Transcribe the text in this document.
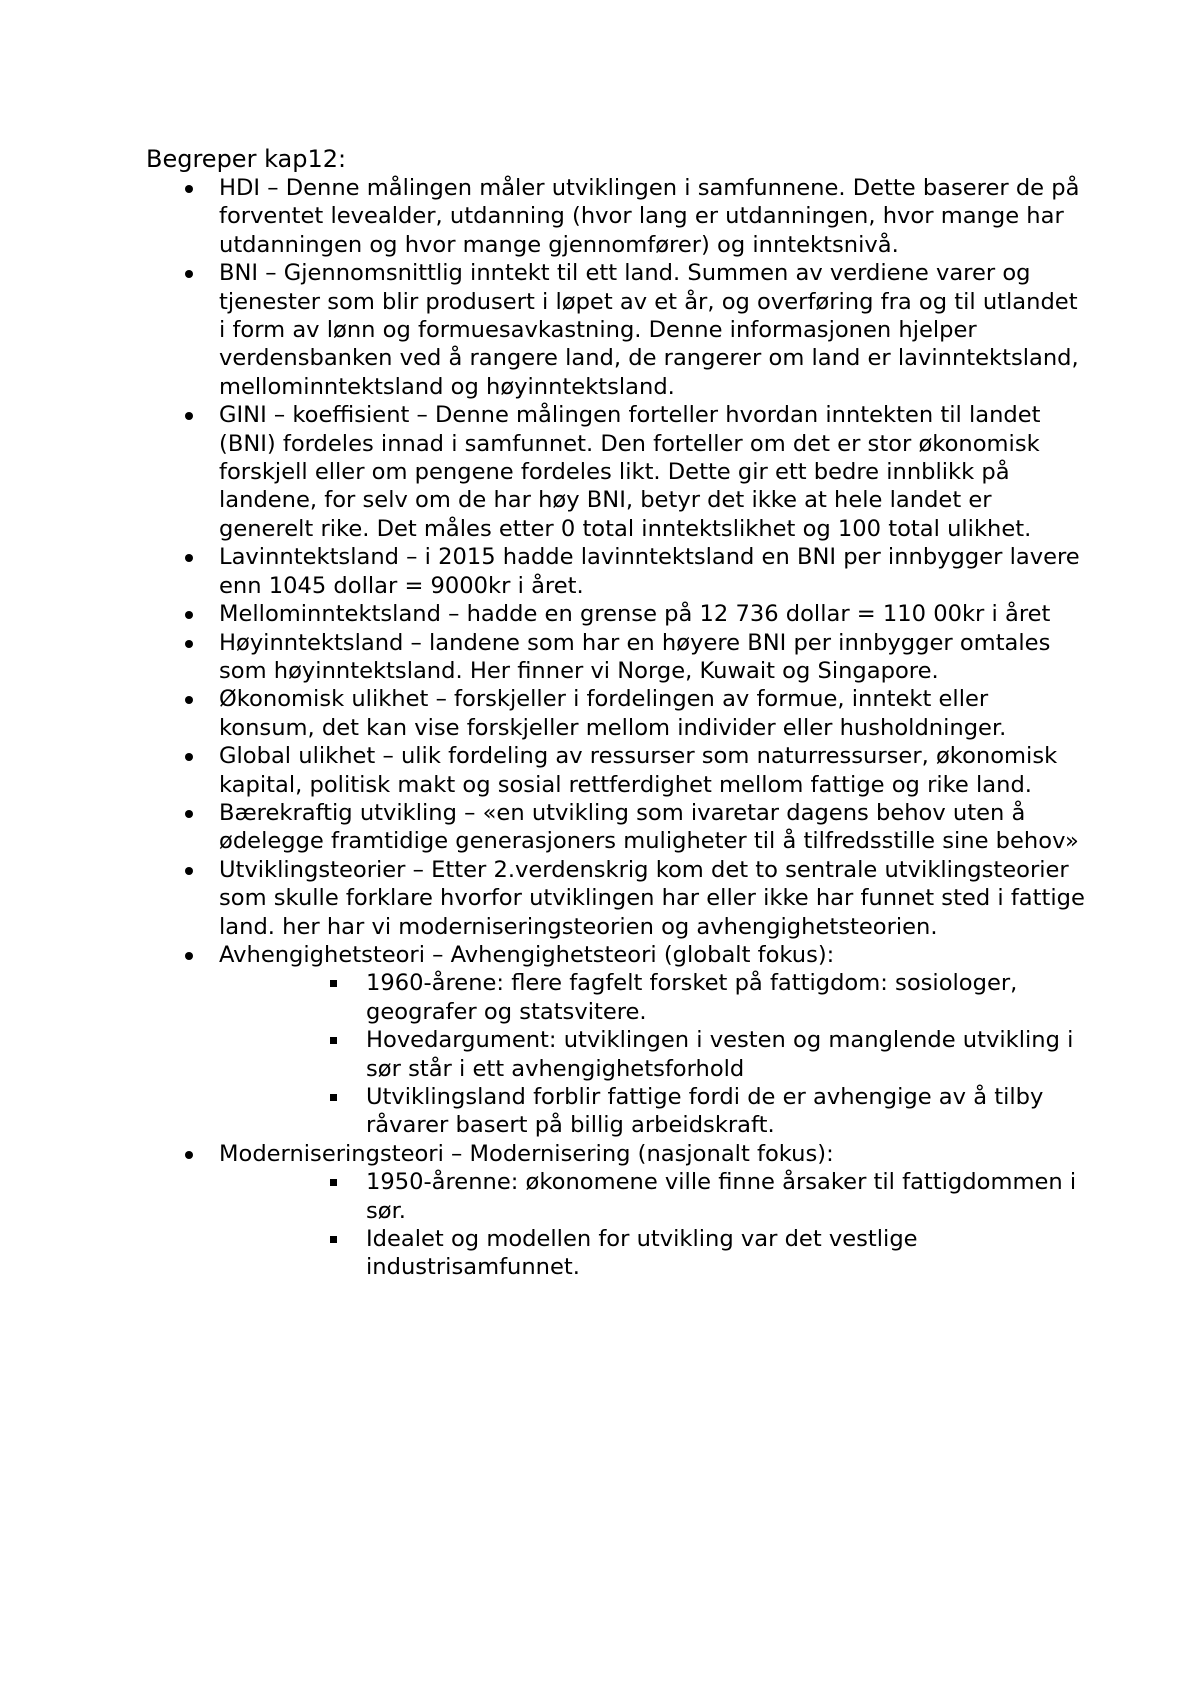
Begreper kap12:
HDI – Denne målingen måler utviklingen i samfunnene. Dette baserer de på forventet levealder, utdanning (hvor lang er utdanningen, hvor mange har utdanningen og hvor mange gjennomfører) og inntektsnivå.
BNI – Gjennomsnittlig inntekt til ett land. Summen av verdiene varer og tjenester som blir produsert i løpet av et år, og overføring fra og til utlandet i form av lønn og formuesavkastning. Denne informasjonen hjelper verdensbanken ved å rangere land, de rangerer om land er lavinntektsland, mellominntektsland og høyinntektsland.
GINI – koeffisient – Denne målingen forteller hvordan inntekten til landet (BNI) fordeles innad i samfunnet. Den forteller om det er stor økonomisk forskjell eller om pengene fordeles likt. Dette gir ett bedre innblikk på landene, for selv om de har høy BNI, betyr det ikke at hele landet er generelt rike. Det måles etter 0 total inntektslikhet og 100 total ulikhet.
Lavinntektsland – i 2015 hadde lavinntektsland en BNI per innbygger lavere enn 1045 dollar = 9000kr i året.
Mellominntektsland – hadde en grense på 12 736 dollar = 110 00kr i året
Høyinntektsland – landene som har en høyere BNI per innbygger omtales som høyinntektsland. Her finner vi Norge, Kuwait og Singapore.
Økonomisk ulikhet – forskjeller i fordelingen av formue, inntekt eller konsum, det kan vise forskjeller mellom individer eller husholdninger.
Global ulikhet – ulik fordeling av ressurser som naturressurser, økonomisk kapital, politisk makt og sosial rettferdighet mellom fattige og rike land.
Bærekraftig utvikling – «en utvikling som ivaretar dagens behov uten å ødelegge framtidige generasjoners muligheter til å tilfredsstille sine behov»
Utviklingsteorier – Etter 2.verdenskrig kom det to sentrale utviklingsteorier som skulle forklare hvorfor utviklingen har eller ikke har funnet sted i fattige land. her har vi moderniseringsteorien og avhengighetsteorien.
Avhengighetsteori – Avhengighetsteori (globalt fokus):
1960-årene: flere fagfelt forsket på fattigdom: sosiologer, geografer og statsvitere.
Hovedargument: utviklingen i vesten og manglende utvikling i sør står i ett avhengighetsforhold
Utviklingsland forblir fattige fordi de er avhengige av å tilby råvarer basert på billig arbeidskraft.
Moderniseringsteori – Modernisering (nasjonalt fokus):
1950-årenne: økonomene ville finne årsaker til fattigdommen i sør.
Idealet og modellen for utvikling var det vestlige industrisamfunnet.
